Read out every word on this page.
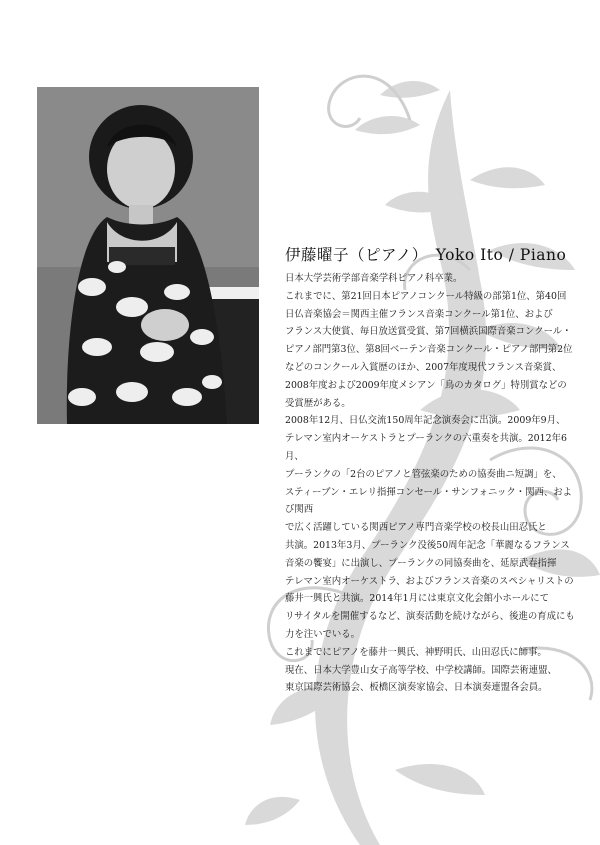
伊藤曜子（ピアノ） Yoko Ito / Piano

日本大学芸術学部音楽学科ピアノ科卒業。

これまでに、第21回日本ピアノコンクール特級の部第1位、第40回
日仏音楽協会＝関西主催フランス音楽コンクール第1位、および
フランス大使賞、毎日放送賞受賞、第7回横浜国際音楽コンクール・
ピアノ部門第3位、第8回ベーテン音楽コンクール・ピアノ部門第2位
などのコンクール入賞歴のほか、2007年度現代フランス音楽賞、
2008年度および2009年度メシアン「鳥のカタログ」特別賞などの
受賞歴がある。

2008年12月、日仏交流150周年記念演奏会に出演。2009年9月、
テレマン室内オーケストラとプーランクの六重奏を共演。2012年6月、
プーランクの「2台のピアノと管弦楽のための協奏曲ニ短調」を、
スティーブン・エレリ指揮コンセール・サンフォニック・関西、および関西
で広く活躍している関西ピアノ専門音楽学校の校長山田忍氏と
共演。2013年3月、プーランク没後50周年記念「華麗なるフランス
音楽の饗宴」に出演し、プーランクの同協奏曲を、延原武春指揮
テレマン室内オーケストラ、およびフランス音楽のスペシャリストの
藤井一興氏と共演。2014年1月には東京文化会館小ホールにて
リサイタルを開催するなど、演奏活動を続けながら、後進の育成にも
力を注いでいる。

これまでにピアノを藤井一興氏、神野明氏、山田忍氏に師事。

現在、日本大学豊山女子高等学校、中学校講師。国際芸術連盟、
東京国際芸術協会、板橋区演奏家協会、日本演奏連盟各会員。
